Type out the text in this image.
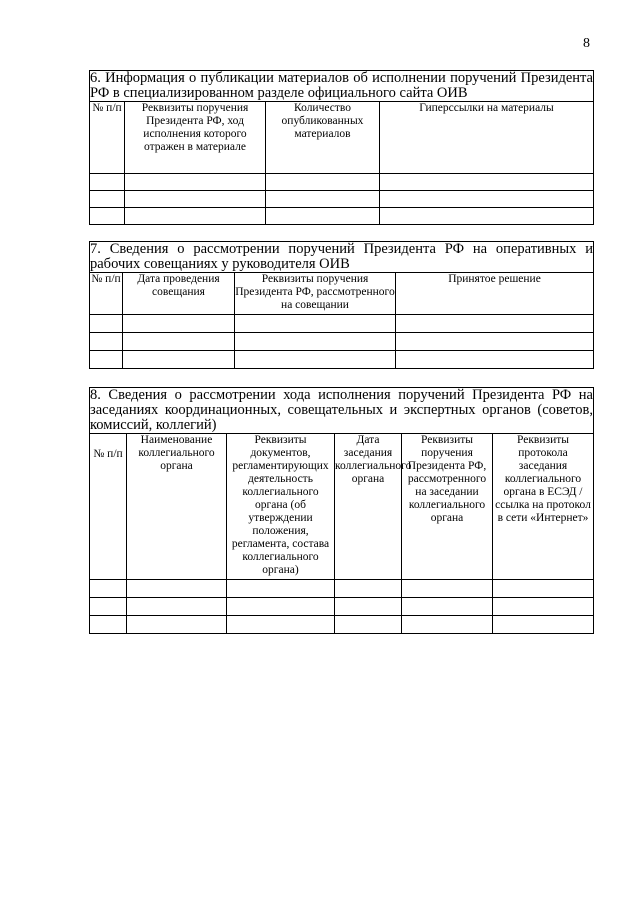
8
6. Информация о публикации материалов об исполнении поручений Президента РФ в специализированном разделе официального сайта ОИВ			
№ п/п	Реквизиты поручения Президента РФ, ход исполнения которого отражен в материале	Количество опубликованных материалов	Гиперссылки на материалы

7. Сведения о рассмотрении поручений Президента РФ на оперативных и рабочих совещаниях у руководителя ОИВ			
№ п/п	Дата проведения совещания	Реквизиты поручения Президента РФ, рассмотренного на совещании	Принятое решение

8. Сведения о рассмотрении хода исполнения поручений Президента РФ на заседаниях координационных, совещательных и экспертных органов (советов, комиссий, коллегий)					
№ п/п	Наименование коллегиального органа	Реквизиты документов, регламентирующих деятельность коллегиального органа (об утверждении положения, регламента, состава коллегиального органа)	Дата заседания коллегиального органа	Реквизиты поручения Президента РФ, рассмотренного на заседании коллегиального органа	Реквизиты протокола заседания коллегиального органа в ЕСЭД / ссылка на протокол в сети «Интернет»
